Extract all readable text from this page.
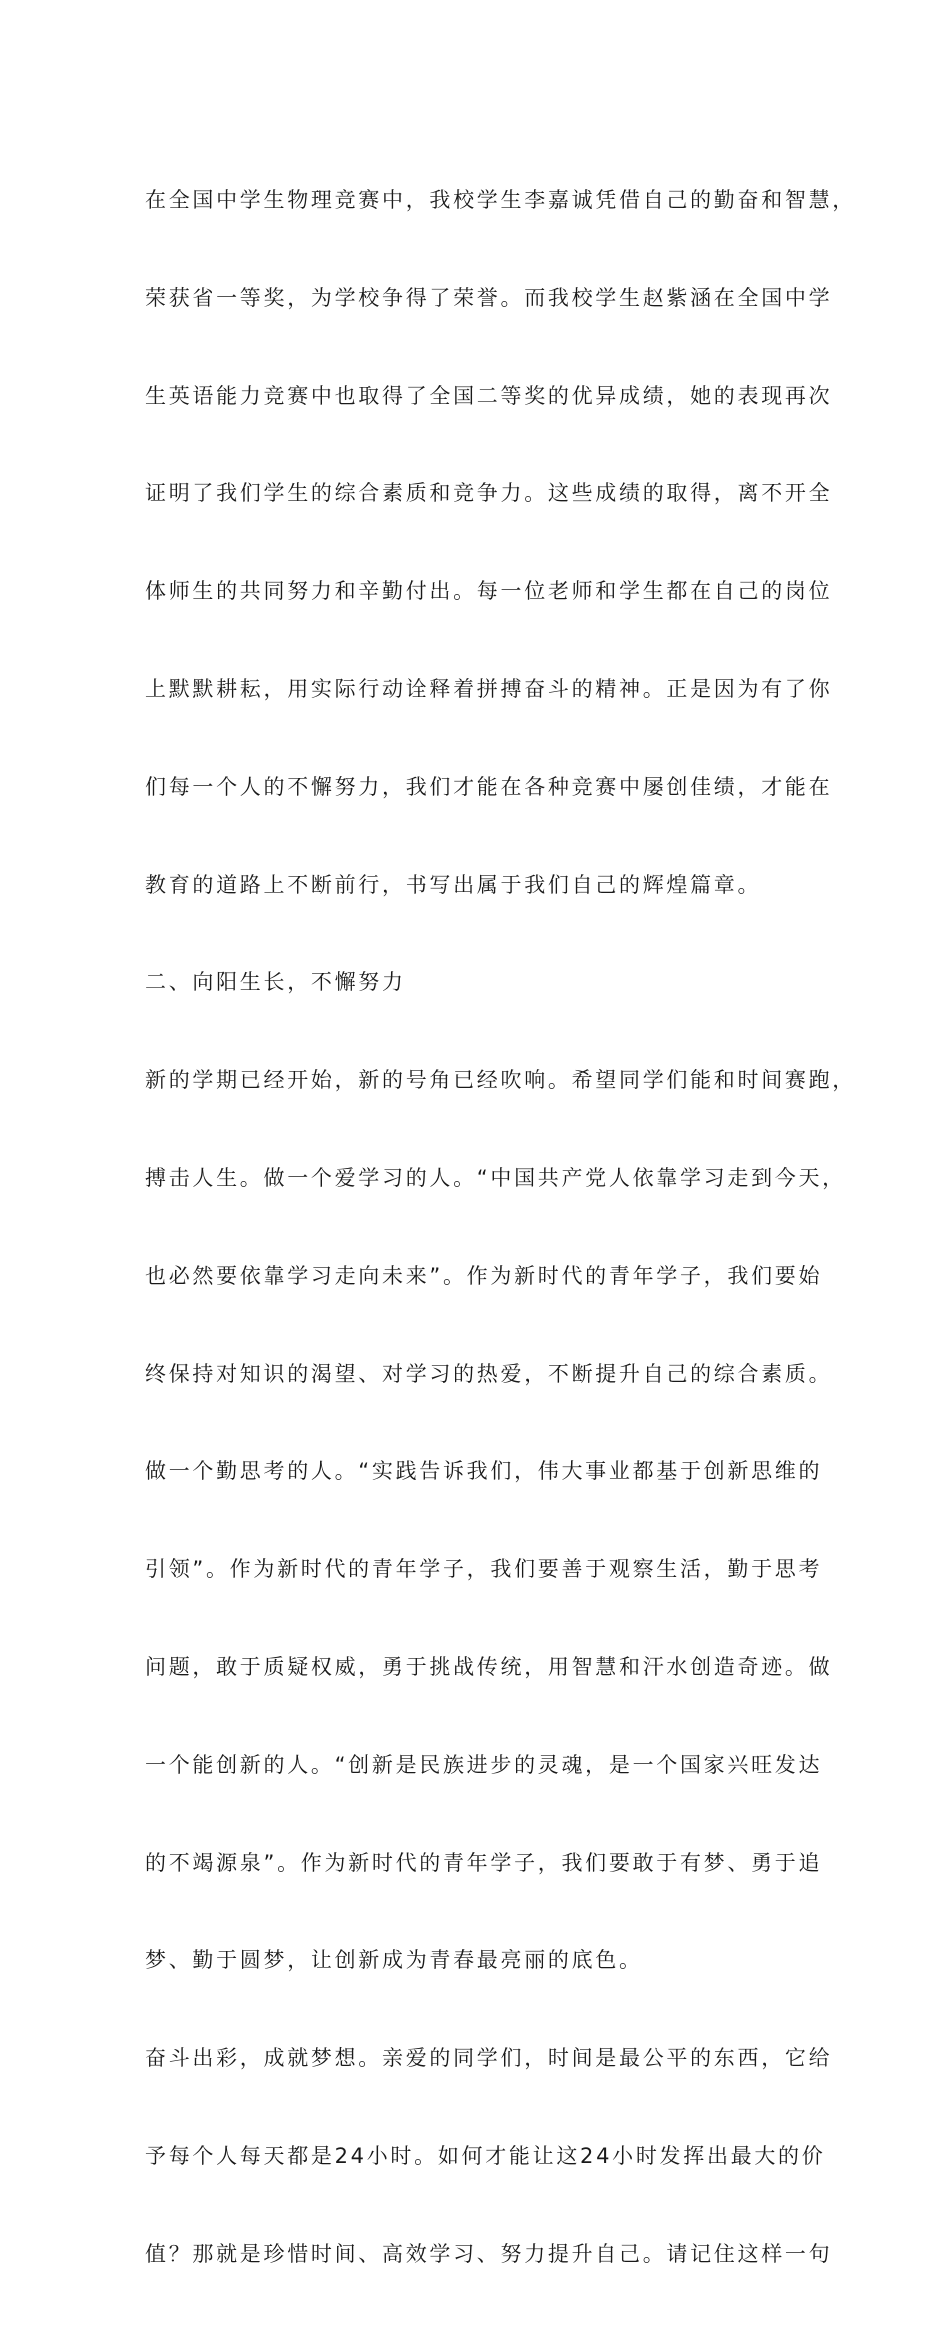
在全国中学生物理竞赛中，我校学生李嘉诚凭借自己的勤奋和智慧，

荣获省一等奖，为学校争得了荣誉。而我校学生赵紫涵在全国中学

生英语能力竞赛中也取得了全国二等奖的优异成绩，她的表现再次

证明了我们学生的综合素质和竞争力。这些成绩的取得，离不开全

体师生的共同努力和辛勤付出。每一位老师和学生都在自己的岗位

上默默耕耘，用实际行动诠释着拼搏奋斗的精神。正是因为有了你

们每一个人的不懈努力，我们才能在各种竞赛中屡创佳绩，才能在

教育的道路上不断前行，书写出属于我们自己的辉煌篇章。

二、向阳生长，不懈努力

新的学期已经开始，新的号角已经吹响。希望同学们能和时间赛跑，

搏击人生。做一个爱学习的人。“中国共产党人依靠学习走到今天，

也必然要依靠学习走向未来”。作为新时代的青年学子，我们要始

终保持对知识的渴望、对学习的热爱，不断提升自己的综合素质。

做一个勤思考的人。“实践告诉我们，伟大事业都基于创新思维的

引领”。作为新时代的青年学子，我们要善于观察生活，勤于思考

问题，敢于质疑权威，勇于挑战传统，用智慧和汗水创造奇迹。做

一个能创新的人。“创新是民族进步的灵魂，是一个国家兴旺发达

的不竭源泉”。作为新时代的青年学子，我们要敢于有梦、勇于追

梦、勤于圆梦，让创新成为青春最亮丽的底色。

奋斗出彩，成就梦想。亲爱的同学们，时间是最公平的东西，它给

予每个人每天都是24小时。如何才能让这24小时发挥出最大的价

值？那就是珍惜时间、高效学习、努力提升自己。请记住这样一句
